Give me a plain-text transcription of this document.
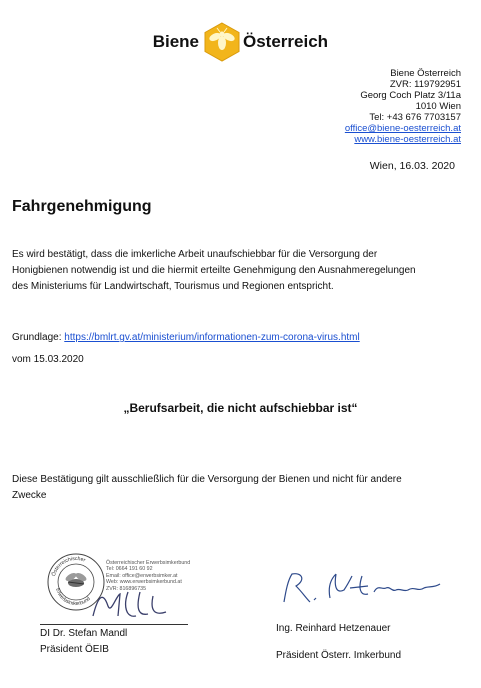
Biene	Österreich
Biene Österreich
ZVR: 119792951
Georg Coch Platz 3/11a
1010 Wien
Tel: +43 676 7703157
office@biene-oesterreich.at
www.biene-oesterreich.at
Wien, 16.03. 2020
Fahrgenehmigung
Es wird bestätigt, dass die imkerliche Arbeit unaufschiebbar für die Versorgung der
Honigbienen notwendig ist und die hiermit erteilte Genehmigung den Ausnahmeregelungen
des Ministeriums für Landwirtschaft, Tourismus und Regionen entspricht.
Grundlage: https://bmlrt.gv.at/ministerium/informationen-zum-corona-virus.html
vom 15.03.2020
„Berufsarbeit, die nicht aufschiebbar ist“
Diese Bestätigung gilt ausschließlich für die Versorgung der Bienen und nicht für andere
Zwecke
Österreichischer
Erwerbsimkerbund
Österreichischer Erwerbsimkerbund
Tel: 0664 191 60 92
Email: office@erwerbsimker.at
Web: www.erwerbsimkerbund.at
ZVR: 816896735
DI Dr. Stefan Mandl
Präsident ÖEIB
Ing. Reinhard Hetzenauer
Präsident Österr. Imkerbund
